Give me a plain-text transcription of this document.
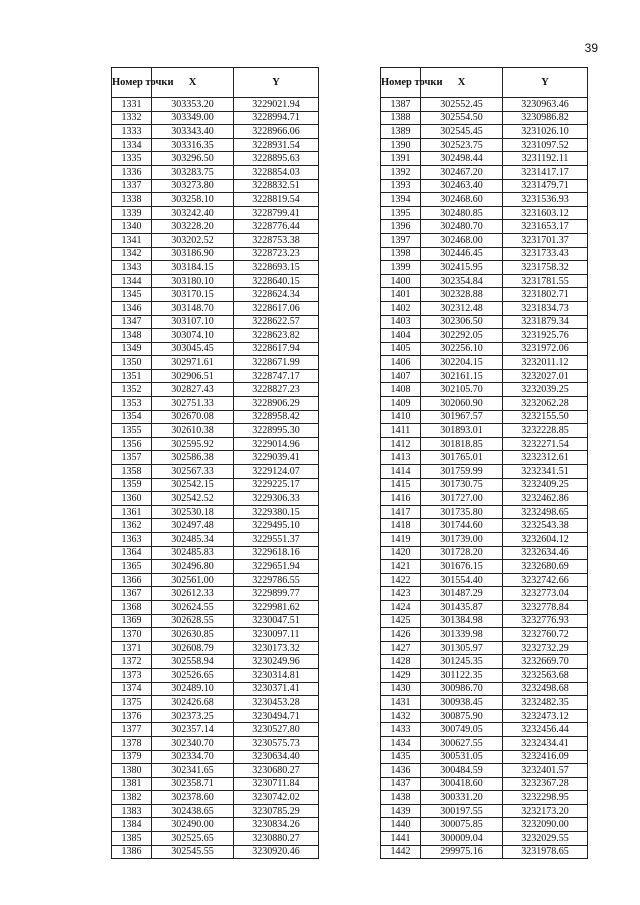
39
Номер точки	X	Y
1331	303353.20	3229021.94
1332	303349.00	3228994.71
1333	303343.40	3228966.06
1334	303316.35	3228931.54
1335	303296.50	3228895.63
1336	303283.75	3228854.03
1337	303273.80	3228832.51
1338	303258.10	3228819.54
1339	303242.40	3228799.41
1340	303228.20	3228776.44
1341	303202.52	3228753.38
1342	303186.90	3228723.23
1343	303184.15	3228693.15
1344	303180.10	3228640.15
1345	303170.15	3228624.34
1346	303148.70	3228617.06
1347	303107.10	3228622.57
1348	303074.10	3228623.82
1349	303045.45	3228617.94
1350	302971.61	3228671.99
1351	302906.51	3228747.17
1352	302827.43	3228827.23
1353	302751.33	3228906.29
1354	302670.08	3228958.42
1355	302610.38	3228995.30
1356	302595.92	3229014.96
1357	302586.38	3229039.41
1358	302567.33	3229124.07
1359	302542.15	3229225.17
1360	302542.52	3229306.33
1361	302530.18	3229380.15
1362	302497.48	3229495.10
1363	302485.34	3229551.37
1364	302485.83	3229618.16
1365	302496.80	3229651.94
1366	302561.00	3229786.55
1367	302612.33	3229899.77
1368	302624.55	3229981.62
1369	302628.55	3230047.51
1370	302630.85	3230097.11
1371	302608.79	3230173.32
1372	302558.94	3230249.96
1373	302526.65	3230314.81
1374	302489.10	3230371.41
1375	302426.68	3230453.28
1376	302373.25	3230494.71
1377	302357.14	3230527.80
1378	302340.70	3230575.73
1379	302334.70	3230634.40
1380	302341.65	3230680.27
1381	302358.71	3230711.84
1382	302378.60	3230742.02
1383	302438.65	3230785.29
1384	302490.00	3230834.26
1385	302525.65	3230880.27
1386	302545.55	3230920.46
Номер точки	X	Y
1387	302552.45	3230963.46
1388	302554.50	3230986.82
1389	302545.45	3231026.10
1390	302523.75	3231097.52
1391	302498.44	3231192.11
1392	302467.20	3231417.17
1393	302463.40	3231479.71
1394	302468.60	3231536.93
1395	302480.85	3231603.12
1396	302480.70	3231653.17
1397	302468.00	3231701.37
1398	302446.45	3231733.43
1399	302415.95	3231758.32
1400	302354.84	3231781.55
1401	302328.88	3231802.71
1402	302312.48	3231834.73
1403	302306.50	3231879.34
1404	302292.05	3231925.76
1405	302256.10	3231972.06
1406	302204.15	3232011.12
1407	302161.15	3232027.01
1408	302105.70	3232039.25
1409	302060.90	3232062.28
1410	301967.57	3232155.50
1411	301893.01	3232228.85
1412	301818.85	3232271.54
1413	301765.01	3232312.61
1414	301759.99	3232341.51
1415	301730.75	3232409.25
1416	301727.00	3232462.86
1417	301735.80	3232498.65
1418	301744.60	3232543.38
1419	301739.00	3232604.12
1420	301728.20	3232634.46
1421	301676.15	3232680.69
1422	301554.40	3232742.66
1423	301487.29	3232773.04
1424	301435.87	3232778.84
1425	301384.98	3232776.93
1426	301339.98	3232760.72
1427	301305.97	3232732.29
1428	301245.35	3232669.70
1429	301122.35	3232563.68
1430	300986.70	3232498.68
1431	300938.45	3232482.35
1432	300875.90	3232473.12
1433	300749.05	3232456.44
1434	300627.55	3232434.41
1435	300531.05	3232416.09
1436	300484.59	3232401.57
1437	300418.60	3232367.28
1438	300331.20	3232298.95
1439	300197.55	3232173.20
1440	300075.85	3232090.00
1441	300009.04	3232029.55
1442	299975.16	3231978.65
